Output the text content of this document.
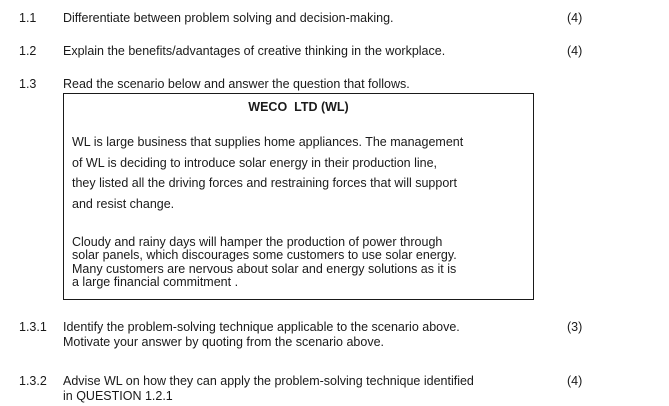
1.1 Differentiate between problem solving and decision-making.	(4)
1.2 Explain the benefits/advantages of creative thinking in the workplace.	(4)
1.3 Read the scenario below and answer the question that follows.
WECO  LTD (WL)
WL is large business that supplies home appliances. The management
of WL is deciding to introduce solar energy in their production line,
they listed all the driving forces and restraining forces that will support
and resist change.
Cloudy and rainy days will hamper the production of power through
solar panels, which discourages some customers to use solar energy.
Many customers are nervous about solar and energy solutions as it is
a large financial commitment .
1.3.1 Identify the problem-solving technique applicable to the scenario above.
Motivate your answer by quoting from the scenario above.
(3)
1.3.2 Advise WL on how they can apply the problem-solving technique identified
in QUESTION 1.2.1
(4)
